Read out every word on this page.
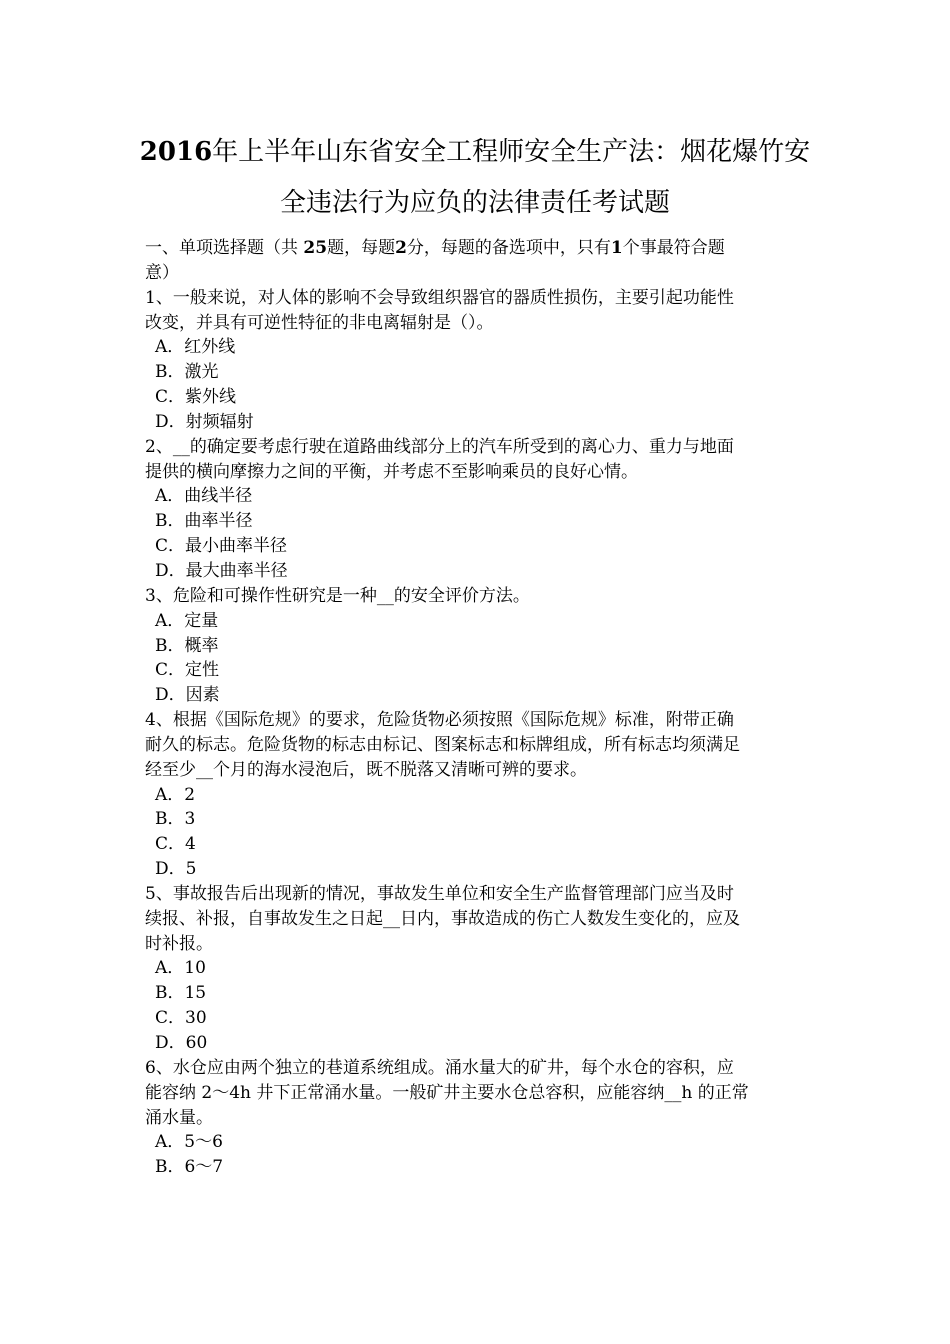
2016年上半年山东省安全工程师安全生产法：烟花爆竹安
全违法行为应负的法律责任考试题
一、单项选择题（共 25题，每题2分，每题的备选项中，只有1个事最符合题
意）
1、一般来说，对人体的影响不会导致组织器官的器质性损伤，主要引起功能性
改变，并具有可逆性特征的非电离辐射是（）。
A．红外线
B．激光
C．紫外线
D．射频辐射
2、__的确定要考虑行驶在道路曲线部分上的汽车所受到的离心力、重力与地面
提供的横向摩擦力之间的平衡，并考虑不至影响乘员的良好心情。
A．曲线半径
B．曲率半径
C．最小曲率半径
D．最大曲率半径
3、危险和可操作性研究是一种__的安全评价方法。
A．定量
B．概率
C．定性
D．因素
4、根据《国际危规》的要求，危险货物必须按照《国际危规》标准，附带正确
耐久的标志。危险货物的标志由标记、图案标志和标牌组成，所有标志均须满足
经至少__个月的海水浸泡后，既不脱落又清晰可辨的要求。
A．2
B．3
C．4
D．5
5、事故报告后出现新的情况，事故发生单位和安全生产监督管理部门应当及时
续报、补报，自事故发生之日起__日内，事故造成的伤亡人数发生变化的，应及
时补报。
A．10
B．15
C．30
D．60
6、水仓应由两个独立的巷道系统组成。涌水量大的矿井，每个水仓的容积，应
能容纳 2～4h 井下正常涌水量。一般矿井主要水仓总容积，应能容纳__h 的正常
涌水量。
A．5～6
B．6～7
